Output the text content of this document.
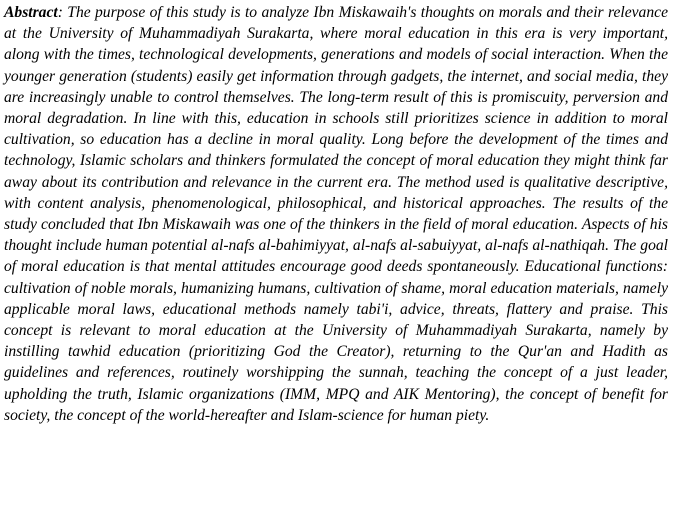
Abstract: The purpose of this study is to analyze Ibn Miskawaih's thoughts on morals and their relevance at the University of Muhammadiyah Surakarta, where moral education in this era is very important, along with the times, technological developments, generations and models of social interaction. When the younger generation (students) easily get information through gadgets, the internet, and social media, they are increasingly unable to control themselves. The long-term result of this is promiscuity, perversion and moral degradation. In line with this, education in schools still prioritizes science in addition to moral cultivation, so education has a decline in moral quality. Long before the development of the times and technology, Islamic scholars and thinkers formulated the concept of moral education they might think far away about its contribution and relevance in the current era. The method used is qualitative descriptive, with content analysis, phenomenological, philosophical, and historical approaches. The results of the study concluded that Ibn Miskawaih was one of the thinkers in the field of moral education. Aspects of his thought include human potential al-nafs al-bahimiyyat, al-nafs al-sabuiyyat, al-nafs al-nathiqah. The goal of moral education is that mental attitudes encourage good deeds spontaneously. Educational functions: cultivation of noble morals, humanizing humans, cultivation of shame, moral education materials, namely applicable moral laws, educational methods namely tabi'i, advice, threats, flattery and praise. This concept is relevant to moral education at the University of Muhammadiyah Surakarta, namely by instilling tawhid education (prioritizing God the Creator), returning to the Qur'an and Hadith as guidelines and references, routinely worshipping the sunnah, teaching the concept of a just leader, upholding the truth, Islamic organizations (IMM, MPQ and AIK Mentoring), the concept of benefit for society, the concept of the world-hereafter and Islam-science for human piety.
